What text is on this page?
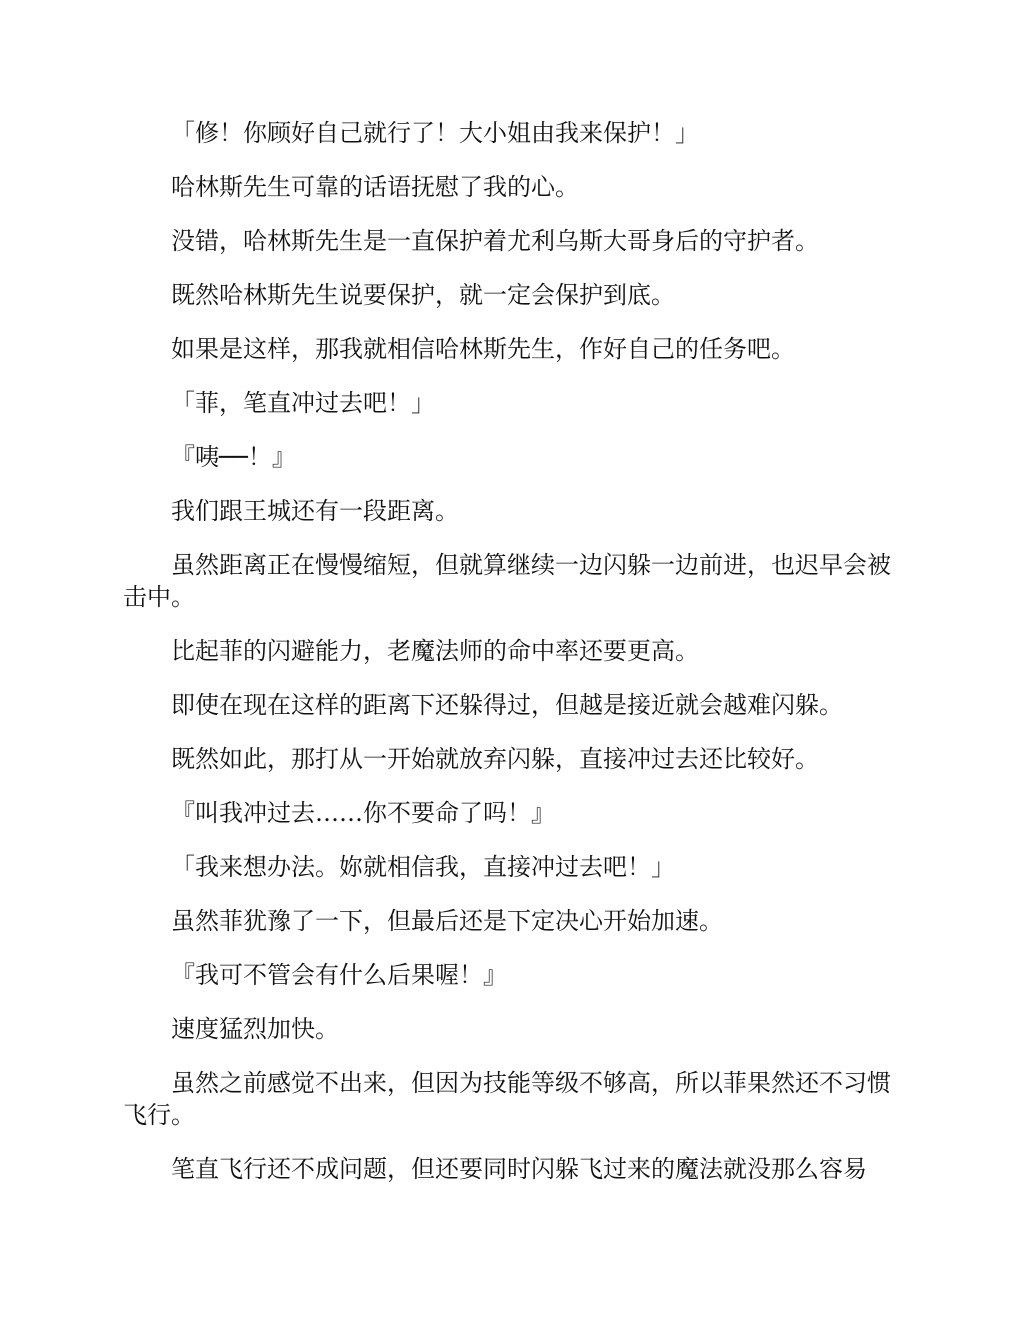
「修！你顾好自己就行了！大小姐由我来保护！」

哈林斯先生可靠的话语抚慰了我的心。

没错，哈林斯先生是一直保护着尤利乌斯大哥身后的守护者。

既然哈林斯先生说要保护，就一定会保护到底。

如果是这样，那我就相信哈林斯先生，作好自己的任务吧。

「菲，笔直冲过去吧！」

『咦──！』

我们跟王城还有一段距离。

虽然距离正在慢慢缩短，但就算继续一边闪躲一边前进，也迟早会被击中。

比起菲的闪避能力，老魔法师的命中率还要更高。

即使在现在这样的距离下还躲得过，但越是接近就会越难闪躲。

既然如此，那打从一开始就放弃闪躲，直接冲过去还比较好。

『叫我冲过去……你不要命了吗！』

「我来想办法。妳就相信我，直接冲过去吧！」

虽然菲犹豫了一下，但最后还是下定决心开始加速。

『我可不管会有什么后果喔！』

速度猛烈加快。

虽然之前感觉不出来，但因为技能等级不够高，所以菲果然还不习惯飞行。

笔直飞行还不成问题，但还要同时闪躲飞过来的魔法就没那么容易
